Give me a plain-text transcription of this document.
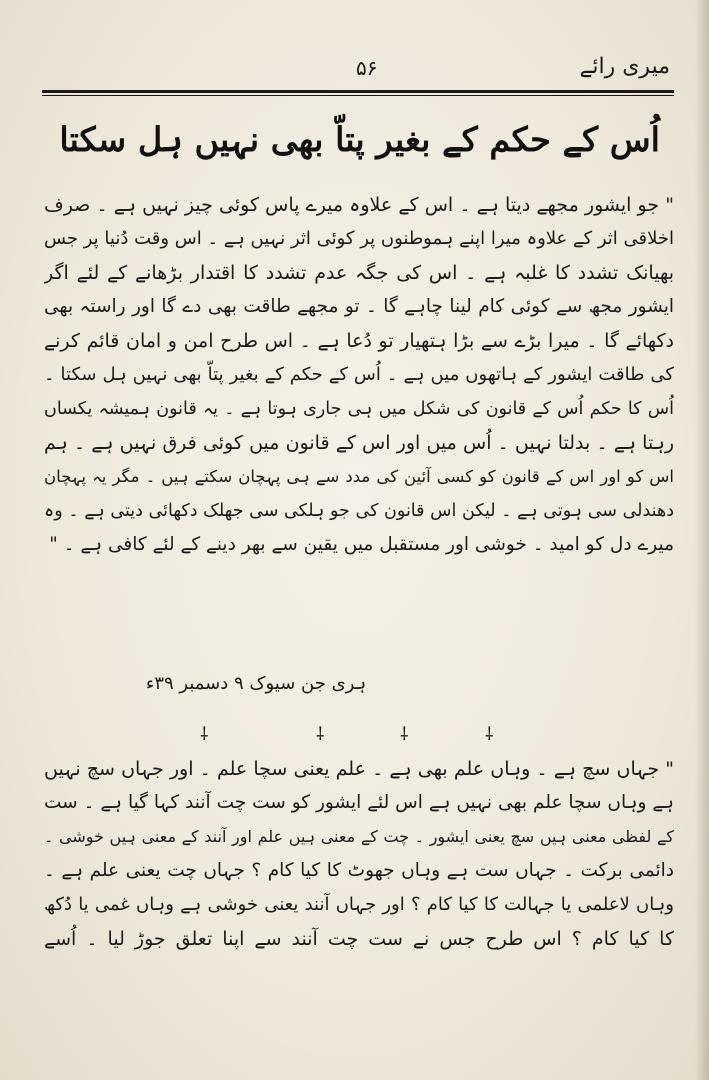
۵۶	میری رائے
اُس کے حکم کے بغیر پتاّ بھی نہیں ہل سکتا
" جو ایشور مجھے دیتا ہے ۔ اس کے علاوہ میرے پاس کوئی چیز نہیں ہے ۔ صرف
اخلاقی اثر کے علاوہ میرا اپنے ہموطنوں پر کوئی اثر نہیں ہے ۔ اس وقت دُنیا پر جس
بھیانک تشدد کا غلبہ ہے ۔ اس کی جگہ عدم تشدد کا اقتدار بڑھانے کے لئے اگر
ایشور مجھ سے کوئی کام لینا چاہے گا ۔ تو مجھے طاقت بھی دے گا اور راستہ بھی
دکھائے گا ۔ میرا بڑے سے بڑا ہتھیار تو دُعا ہے ۔ اس طرح امن و امان قائم کرنے
کی طاقت ایشور کے ہاتھوں میں ہے ۔ اُس کے حکم کے بغیر پتاّ بھی نہیں ہل سکتا ۔
اُس کا حکم اُس کے قانون کی شکل میں ہی جاری ہوتا ہے ۔ یہ قانون ہمیشہ یکساں
رہتا ہے ۔ بدلتا نہیں ۔ اُس میں اور اس کے قانون میں کوئی فرق نہیں ہے ۔ ہم
اس کو اور اس کے قانون کو کسی آئین کی مدد سے ہی پہچان سکتے ہیں ۔ مگر یہ پہچان
دھندلی سی ہوتی ہے ۔ لیکن اس قانون کی جو ہلکی سی جھلک دکھائی دیتی ہے ۔ وہ
میرے دل کو امید ۔ خوشی اور مستقبل میں یقین سے بھر دینے کے لئے کافی ہے ۔ "
ہری جن سیوک ۹ دسمبر ۳۹ء
⸸	⸸	⸸	⸸
" جہاں سچ ہے ۔ وہاں علم بھی ہے ۔ علم یعنی سچا علم ۔ اور جہاں سچ نہیں
ہے وہاں سچا علم بھی نہیں ہے اس لئے ایشور کو ست چت آنند کہا گیا ہے ۔ ست
کے لفظی معنی ہیں سچ یعنی ایشور ۔ چت کے معنی ہیں علم اور آنند کے معنی ہیں خوشی ۔
دائمی برکت ۔ جہاں ست ہے وہاں جھوٹ کا کیا کام ؟ جہاں چت یعنی علم ہے ۔
وہاں لاعلمی یا جہالت کا کیا کام ؟ اور جہاں آنند یعنی خوشی ہے وہاں غمی یا دُکھ
کا کیا کام ؟ اس طرح جس نے ست چت آنند سے اپنا تعلق جوڑ لیا ۔ اُسے
